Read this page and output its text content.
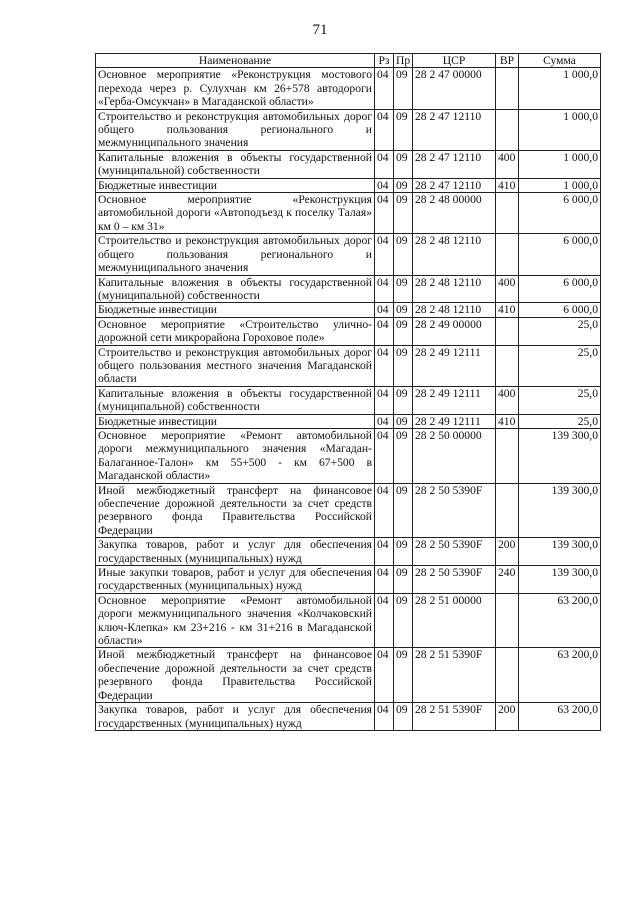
71
Наименование	Рз	Пр	ЦСР	ВР	Сумма
Основное мероприятие «Реконструкция мостового перехода через р. Сулухчан км 26+578 автодороги «Герба-Омсукчан» в Магаданской области»	04	09	28 2 47 00000		1 000,0
Строительство и реконструкция автомобильных дорог общего пользования регионального и межмуниципального значения	04	09	28 2 47 12110		1 000,0
Капитальные вложения в объекты государственной (муниципальной) собственности	04	09	28 2 47 12110	400	1 000,0
Бюджетные инвестиции	04	09	28 2 47 12110	410	1 000,0
Основное мероприятие «Реконструкция автомобильной дороги «Автоподъезд к поселку Талая» км 0 – км 31»	04	09	28 2 48 00000		6 000,0
Строительство и реконструкция автомобильных дорог общего пользования регионального и межмуниципального значения	04	09	28 2 48 12110		6 000,0
Капитальные вложения в объекты государственной (муниципальной) собственности	04	09	28 2 48 12110	400	6 000,0
Бюджетные инвестиции	04	09	28 2 48 12110	410	6 000,0
Основное мероприятие «Строительство улично-дорожной сети микрорайона Гороховое поле»	04	09	28 2 49 00000		25,0
Строительство и реконструкция автомобильных дорог общего пользования местного значения Магаданской области	04	09	28 2 49 12111		25,0
Капитальные вложения в объекты государственной (муниципальной) собственности	04	09	28 2 49 12111	400	25,0
Бюджетные инвестиции	04	09	28 2 49 12111	410	25,0
Основное мероприятие «Ремонт автомобильной дороги межмуниципального значения «Магадан-Балаганное-Талон» км 55+500 - км 67+500 в Магаданской области»	04	09	28 2 50 00000		139 300,0
Иной межбюджетный трансферт на финансовое обеспечение дорожной деятельности за счет средств резервного фонда Правительства Российской Федерации	04	09	28 2 50 5390F		139 300,0
Закупка товаров, работ и услуг для обеспечения государственных (муниципальных) нужд	04	09	28 2 50 5390F	200	139 300,0
Иные закупки товаров, работ и услуг для обеспечения государственных (муниципальных) нужд	04	09	28 2 50 5390F	240	139 300,0
Основное мероприятие «Ремонт автомобильной дороги межмуниципального значения «Колчаковский ключ-Клепка» км 23+216 - км 31+216 в Магаданской области»	04	09	28 2 51 00000		63 200,0
Иной межбюджетный трансферт на финансовое обеспечение дорожной деятельности за счет средств резервного фонда Правительства Российской Федерации	04	09	28 2 51 5390F		63 200,0
Закупка товаров, работ и услуг для обеспечения государственных (муниципальных) нужд	04	09	28 2 51 5390F	200	63 200,0
